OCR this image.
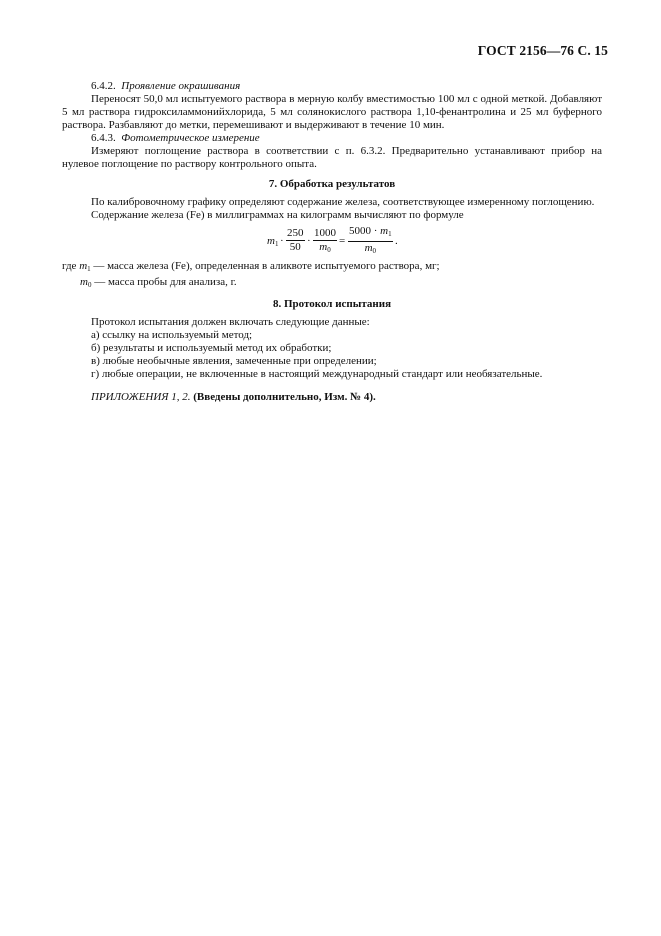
ГОСТ 2156—76 С. 15

6.4.2. Проявление окрашивания

Переносят 50,0 мл испытуемого раствора в мерную колбу вместимостью 100 мл с одной меткой. Добавляют 5 мл раствора гидроксиламмонийхлорида, 5 мл солянокислого раствора 1,10-фенантролина и 25 мл буферного раствора. Разбавляют до метки, перемешивают и выдерживают в течение 10 мин.

6.4.3. Фотометрическое измерение

Измеряют поглощение раствора в соответствии с п. 6.3.2. Предварительно устанавливают прибор на нулевое поглощение по раствору контрольного опыта.

7. Обработка результатов

По калибровочному графику определяют содержание железа, соответствующее измеренному поглощению.

Содержание железа (Fe) в миллиграммах на килограмм вычисляют по формуле

$m_1 \cdot \frac{250}{50} \cdot \frac{1000}{m0} = \frac{5000 \cdot m1}{m0}$ .

где m1 — масса железа (Fe), определенная в аликвоте испытуемого раствора, мг;

m0 — масса пробы для анализа, г.

8. Протокол испытания

Протокол испытания должен включать следующие данные:

а) ссылку на используемый метод;

б) результаты и используемый метод их обработки;

в) любые необычные явления, замеченные при определении;

г) любые операции, не включенные в настоящий международный стандарт или необязательные.

ПРИЛОЖЕНИЯ 1, 2. (Введены дополнительно, Изм. № 4).
